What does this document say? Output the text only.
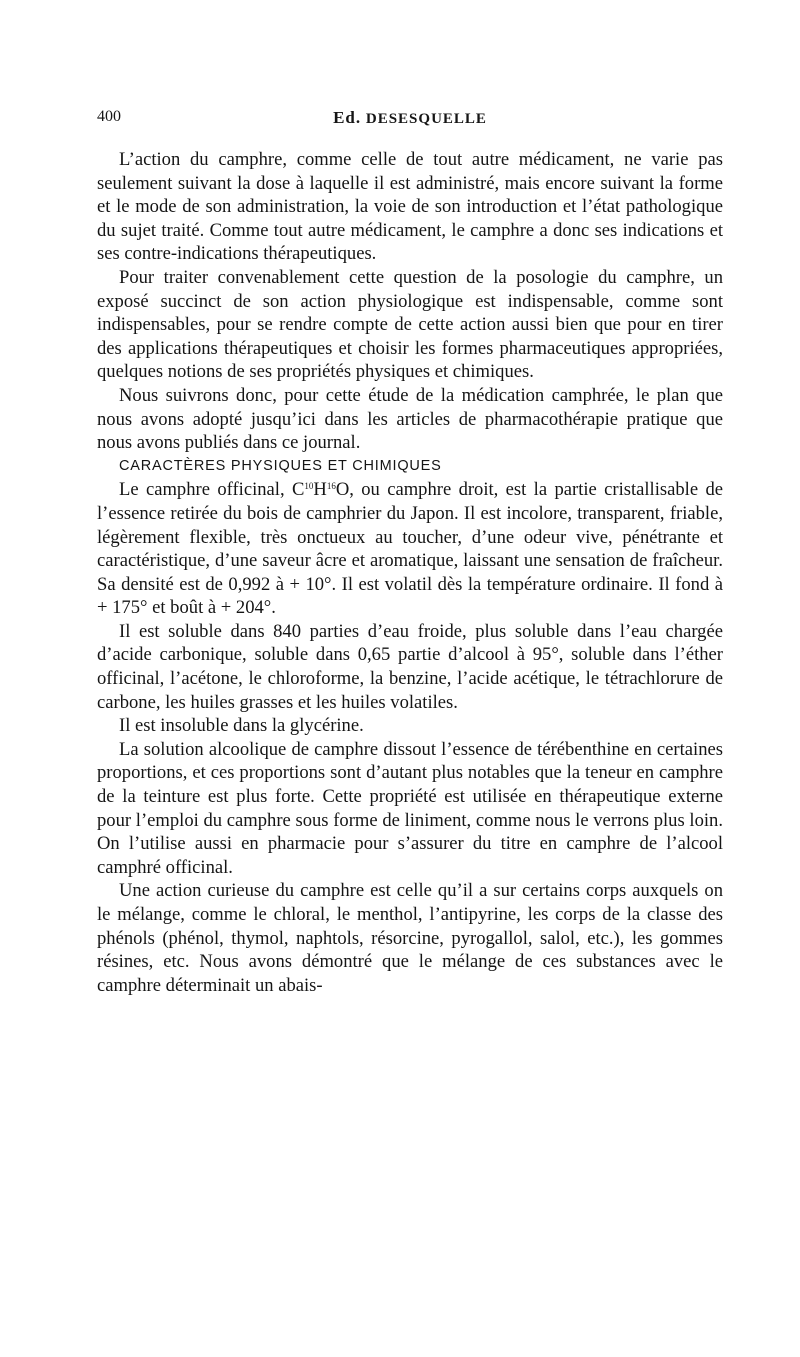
400	Ed. DESESQUELLE

L’action du camphre, comme celle de tout autre médicament, ne varie pas seulement suivant la dose à laquelle il est administré, mais encore suivant la forme et le mode de son administration, la voie de son introduction et l’état pathologique du sujet traité. Comme tout autre médicament, le camphre a donc ses indications et ses contre-indications thérapeutiques.

Pour traiter convenablement cette question de la posologie du camphre, un exposé succinct de son action physiologique est indispensable, comme sont indispensables, pour se rendre compte de cette action aussi bien que pour en tirer des applications thérapeutiques et choisir les formes pharmaceutiques appropriées, quelques notions de ses propriétés physiques et chimiques.

Nous suivrons donc, pour cette étude de la médication camphrée, le plan que nous avons adopté jusqu’ici dans les articles de pharmacothérapie pratique que nous avons publiés dans ce journal.

CARACTÈRES PHYSIQUES ET CHIMIQUES

Le camphre officinal, $C^{10}H^{16}O$, ou camphre droit, est la partie cristallisable de l’essence retirée du bois de camphrier du Japon. Il est incolore, transparent, friable, légèrement flexible, très onctueux au toucher, d’une odeur vive, pénétrante et caractéristique, d’une saveur âcre et aromatique, laissant une sensation de fraîcheur. Sa densité est de 0,992 à + 10°. Il est volatil dès la température ordinaire. Il fond à + 175° et boût à + 204°.

Il est soluble dans 840 parties d’eau froide, plus soluble dans l’eau chargée d’acide carbonique, soluble dans 0,65 partie d’alcool à 95°, soluble dans l’éther officinal, l’acétone, le chloroforme, la benzine, l’acide acétique, le tétrachlorure de carbone, les huiles grasses et les huiles volatiles.

Il est insoluble dans la glycérine.

La solution alcoolique de camphre dissout l’essence de térébenthine en certaines proportions, et ces proportions sont d’autant plus notables que la teneur en camphre de la teinture est plus forte. Cette propriété est utilisée en thérapeutique externe pour l’emploi du camphre sous forme de liniment, comme nous le verrons plus loin. On l’utilise aussi en pharmacie pour s’assurer du titre en camphre de l’alcool camphré officinal.

Une action curieuse du camphre est celle qu’il a sur certains corps auxquels on le mélange, comme le chloral, le menthol, l’antipyrine, les corps de la classe des phénols (phénol, thymol, naphtols, résorcine, pyrogallol, salol, etc.), les gommes résines, etc. Nous avons démontré que le mélange de ces substances avec le camphre déterminait un abais-
